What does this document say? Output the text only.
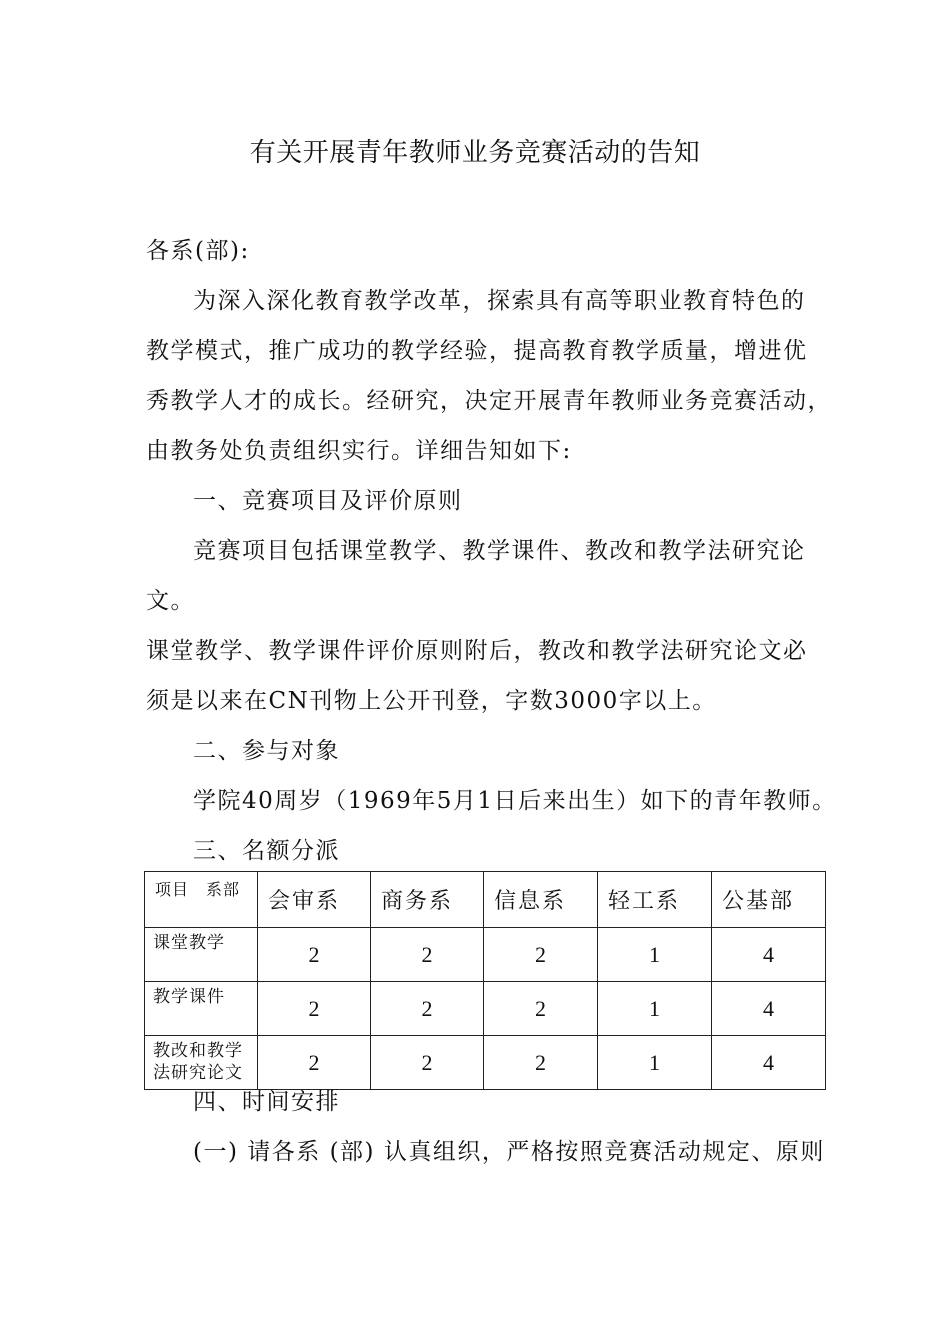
有关开展青年教师业务竞赛活动的告知
各系(部):
为深入深化教育教学改革，探索具有高等职业教育特色的
教学模式，推广成功的教学经验，提高教育教学质量，增进优
秀教学人才的成长。经研究，决定开展青年教师业务竞赛活动，
由教务处负责组织实行。详细告知如下:
一、竞赛项目及评价原则
竞赛项目包括课堂教学、教学课件、教改和教学法研究论
文。
课堂教学、教学课件评价原则附后，教改和教学法研究论文必
须是以来在CN刊物上公开刊登，字数3000字以上。
二、参与对象
学院40周岁（1969年5月1日后来出生）如下的青年教师。
三、名额分派
项目　系部	会审系	商务系	信息系	轻工系	公基部
课堂教学	2	2	2	1	4
教学课件	2	2	2	1	4
教改和教学法研究论文	2	2	2	1	4
四、时间安排
(一) 请各系 (部) 认真组织，严格按照竞赛活动规定、原则
